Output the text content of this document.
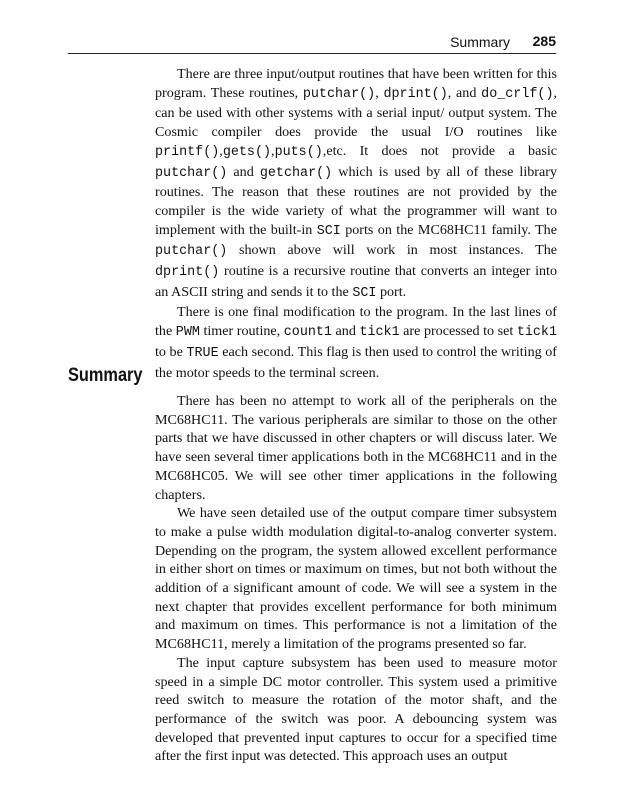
Summary 285

There are three input/output routines that have been written for this program. These routines, putchar(), dprint(), and do_crlf(), can be used with other systems with a serial input/ output system. The Cosmic compiler does provide the usual I/O routines like printf(),gets(),puts(),etc. It does not provide a basic putchar() and getchar() which is used by all of these library routines. The reason that these routines are not provided by the compiler is the wide variety of what the programmer will want to implement with the built-in SCI ports on the MC68HC11 family. The putchar() shown above will work in most instances. The dprint() routine is a recursive routine that converts an integer into an ASCII string and sends it to the SCI port.

There is one final modification to the program. In the last lines of the PWM timer routine, count1 and tick1 are processed to set tick1 to be TRUE each second. This flag is then used to control the writing of the motor speeds to the terminal screen.

Summary

There has been no attempt to work all of the peripherals on the MC68HC11. The various peripherals are similar to those on the other parts that we have discussed in other chapters or will discuss later. We have seen several timer applications both in the MC68HC11 and in the MC68HC05. We will see other timer applications in the following chapters.

We have seen detailed use of the output compare timer subsystem to make a pulse width modulation digital-to-analog converter system. Depending on the program, the system allowed excellent performance in either short on times or maximum on times, but not both without the addition of a significant amount of code. We will see a system in the next chapter that provides excellent performance for both minimum and maximum on times. This performance is not a limitation of the MC68HC11, merely a limitation of the programs presented so far.

The input capture subsystem has been used to measure motor speed in a simple DC motor controller. This system used a primitive reed switch to measure the rotation of the motor shaft, and the performance of the switch was poor. A debouncing system was developed that prevented input captures to occur for a specified time after the first input was detected. This approach uses an output
